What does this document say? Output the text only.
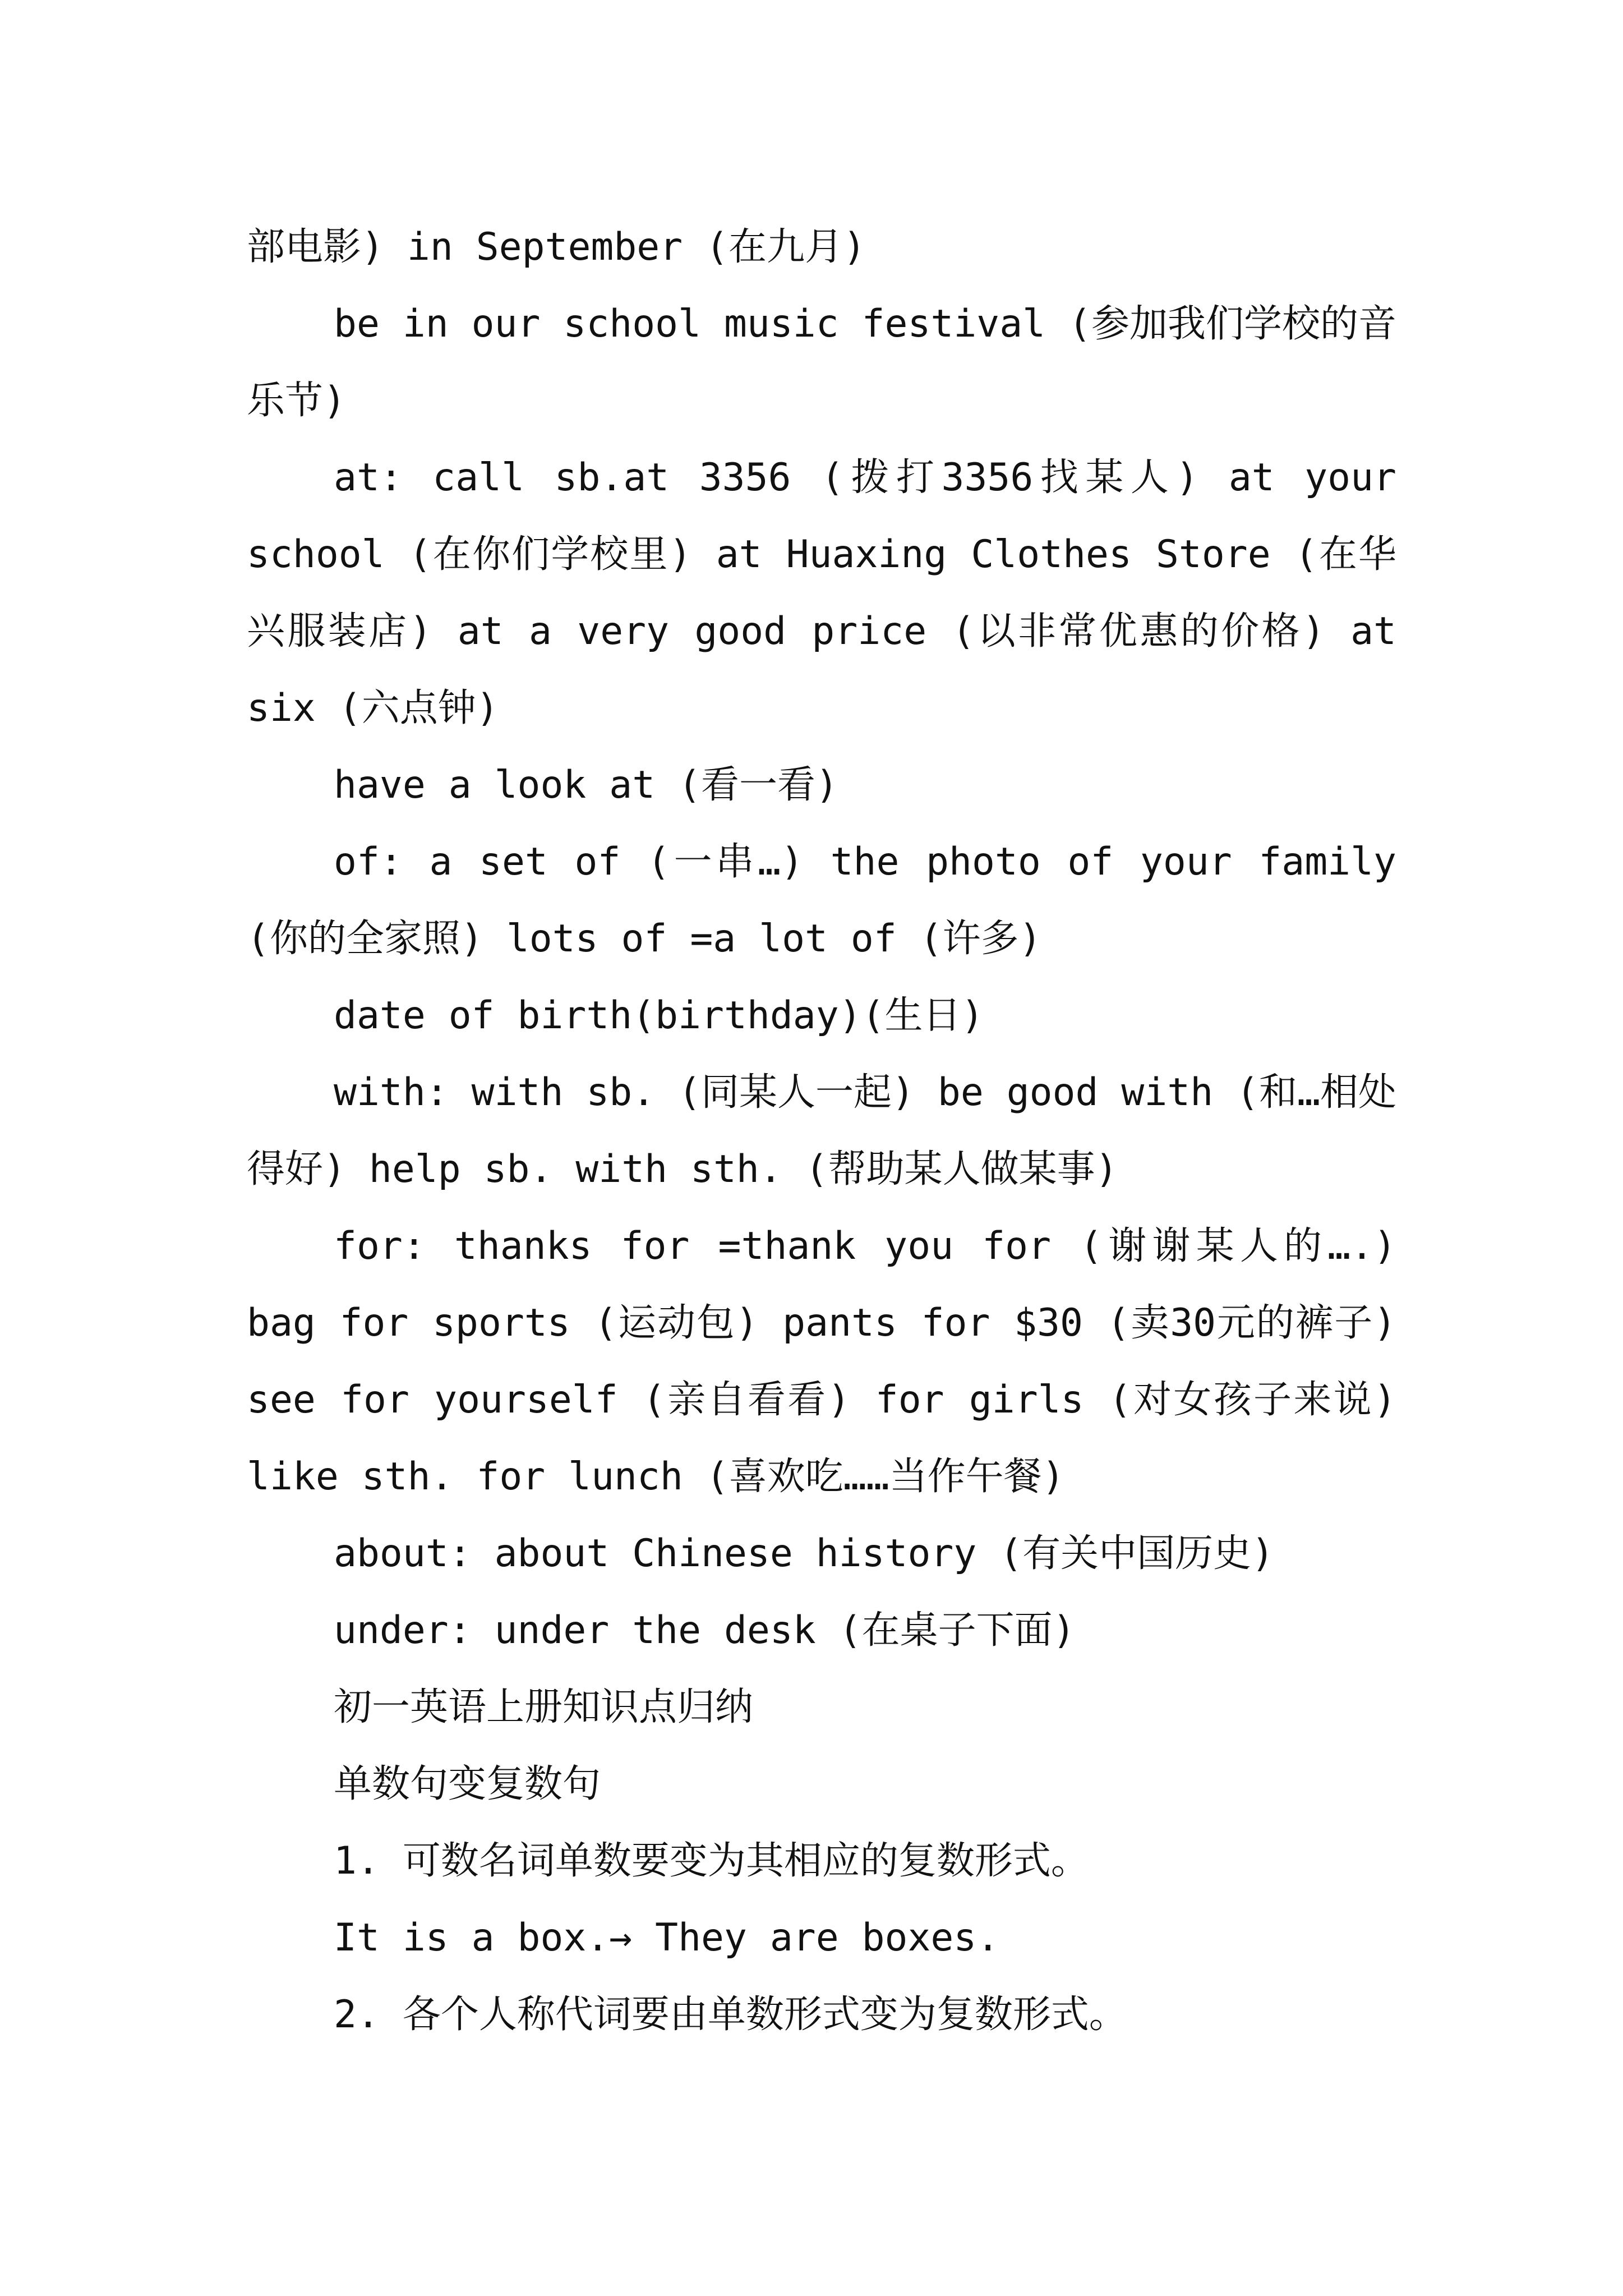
部电影) in September (在九月)

be in our school music festival (参加我们学校的音乐节)

at: call sb.at 3356 (拨打3356找某人) at your school (在你们学校里) at Huaxing Clothes Store (在华兴服装店) at a very good price (以非常优惠的价格) at six (六点钟)

have a look at (看一看)

of: a set of (一串…) the photo of your family (你的全家照) lots of =a lot of (许多)

date of birth(birthday)(生日)

with: with sb. (同某人一起) be good with (和…相处得好) help sb. with sth. (帮助某人做某事)

for: thanks for =thank you for (谢谢某人的….) bag for sports (运动包) pants for $30 (卖30元的裤子) see for yourself (亲自看看) for girls (对女孩子来说) like sth. for lunch (喜欢吃……当作午餐)

about: about Chinese history (有关中国历史)

under: under the desk (在桌子下面)

初一英语上册知识点归纳

单数句变复数句

1. 可数名词单数要变为其相应的复数形式。

It is a box.→ They are boxes.

2. 各个人称代词要由单数形式变为复数形式。
